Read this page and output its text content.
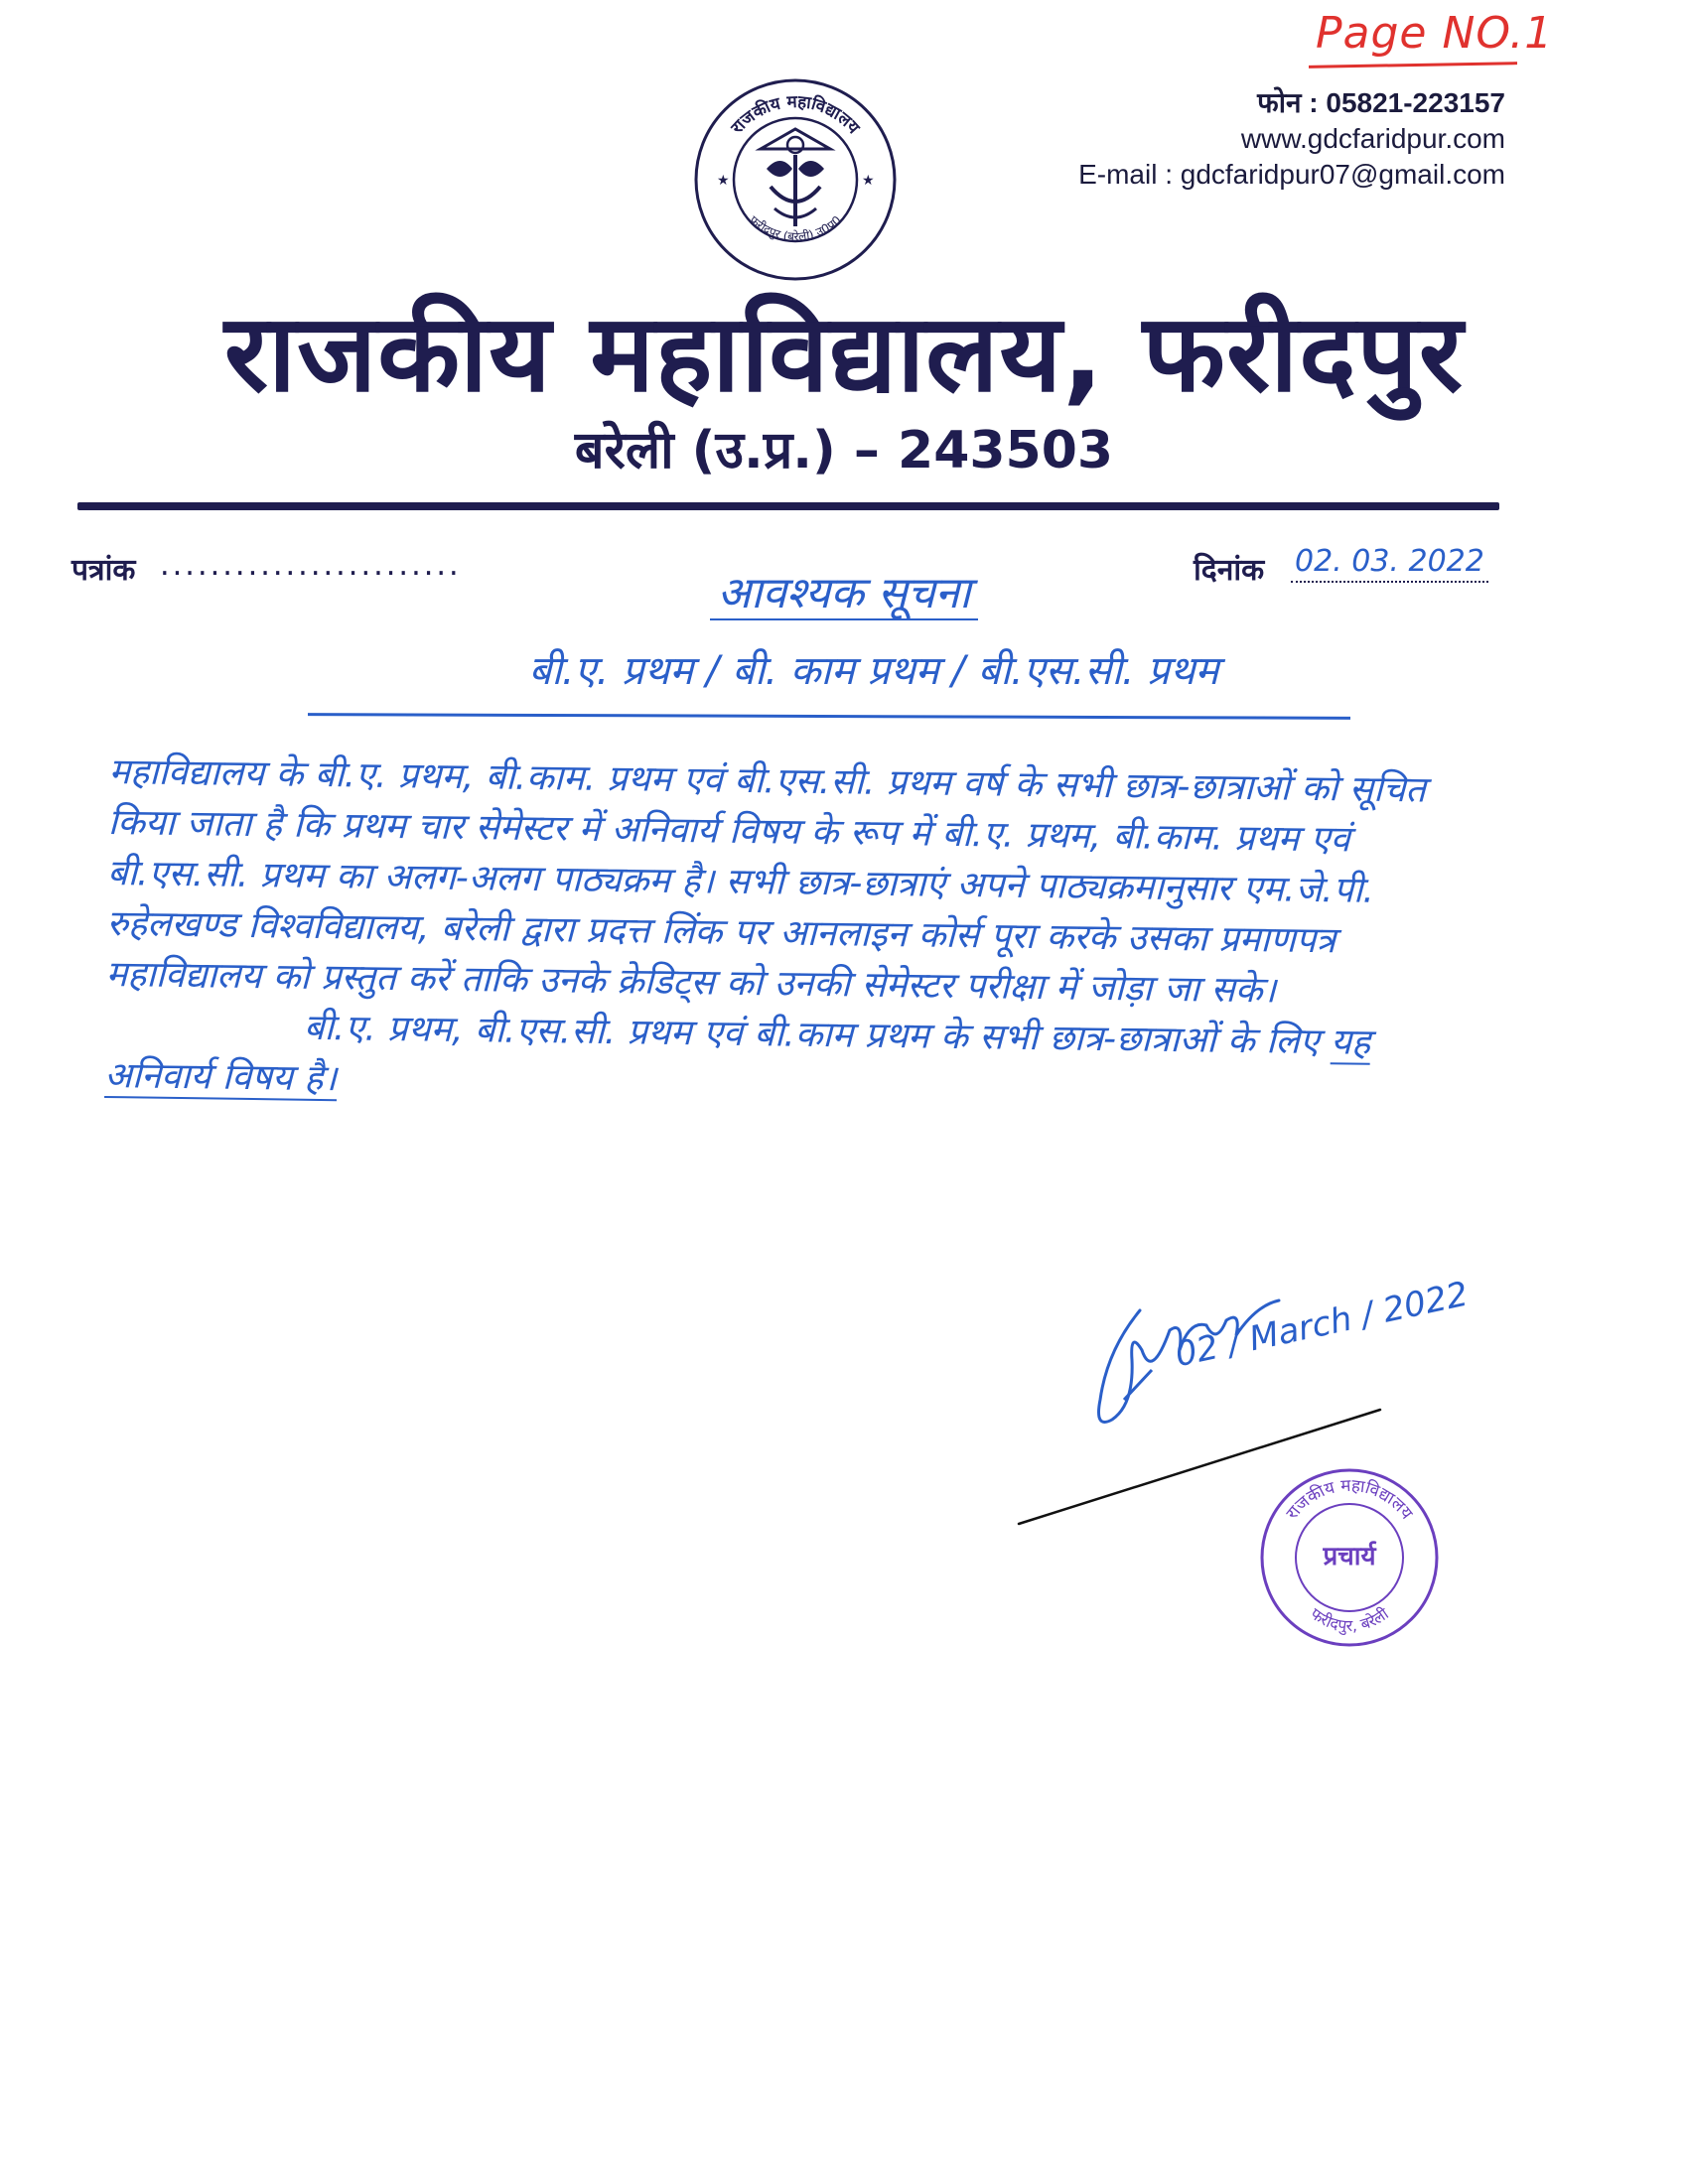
Page NO.1
राजकीय महाविद्यालय
फरीदपुर (बरेली) उ0प्र0
★	★
फोन : 05821-223157
www.gdcfaridpur.com
E-mail : gdcfaridpur07@gmail.com
राजकीय महाविद्यालय, फरीदपुर
बरेली (उ.प्र.) – 243503
पत्रांक ........................	दिनांक 02. 03. 2022
आवश्यक सूचना
बी.ए. प्रथम / बी. काम प्रथम / बी.एस.सी. प्रथम

महाविद्यालय के बी.ए. प्रथम, बी.काम. प्रथम एवं बी.एस.सी. प्रथम वर्ष के सभी छात्र-छात्राओं को सूचित किया जाता है कि प्रथम चार सेमेस्टर में अनिवार्य विषय के रूप में बी.ए. प्रथम, बी.काम. प्रथम एवं बी.एस.सी. प्रथम का अलग-अलग पाठ्यक्रम है। सभी छात्र-छात्राएं अपने पाठ्यक्रमानुसार एम.जे.पी. रुहेलखण्ड विश्वविद्यालय, बरेली द्वारा प्रदत्त लिंक पर आनलाइन कोर्स पूरा करके उसका प्रमाणपत्र महाविद्यालय को प्रस्तुत करें ताकि उनके क्रेडिट्स को उनकी सेमेस्टर परीक्षा में जोड़ा जा सके।

बी.ए. प्रथम, बी.एस.सी. प्रथम एवं बी.काम प्रथम के सभी छात्र-छात्राओं के लिए यह अनिवार्य विषय है।

02 / March / 2022
राजकीय महाविद्यालय
फरीदपुर, बरेली
प्रचार्य
